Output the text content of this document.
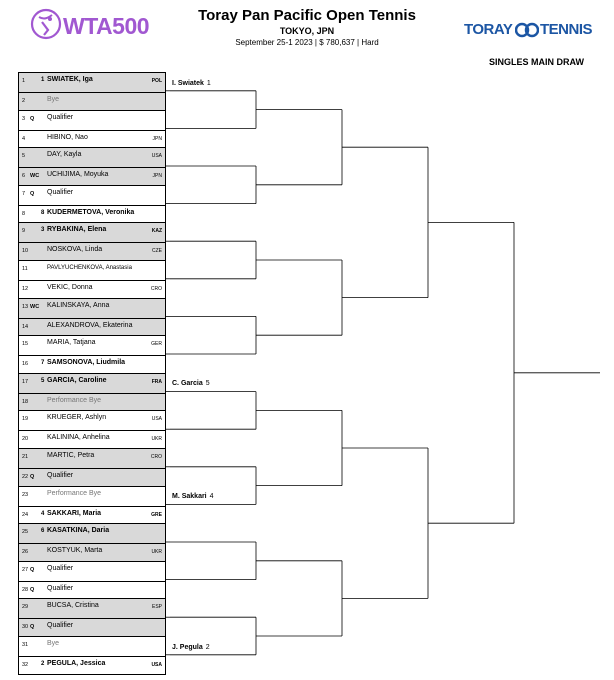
WTA500	Toray Pan Pacific Open Tennis
TOKYO, JPN
September 25-1 2023 | $ 780,637 | Hard
TORAY TENNIS
SINGLES MAIN DRAW
1	1 SWIATEK, Iga	POL
2	Bye
3 Q Qualifier
4	HIBINO, Nao	JPN
5	DAY, Kayla	USA
6 WC UCHIJIMA, Moyuka	JPN
7 Q Qualifier
8	8 KUDERMETOVA, Veronika
9	3 RYBAKINA, Elena	KAZ
10	NOSKOVA, Linda	CZE
11	PAVLYUCHENKOVA, Anastasia
12	VEKIC, Donna	CRO
13 WC KALINSKAYA, Anna
14	ALEXANDROVA, Ekaterina
15	MARIA, Tatjana	GER
16 7 SAMSONOVA, Liudmila
17 5 GARCIA, Caroline	FRA
18	Performance Bye
19	KRUEGER, Ashlyn	USA
20	KALININA, Anhelina	UKR
21	MARTIC, Petra	CRO
22 Q Qualifier
23	Performance Bye
24 4 SAKKARI, Maria	GRE
25 6 KASATKINA, Daria
26	KOSTYUK, Marta	UKR
27 Q Qualifier
28 Q Qualifier
29	BUCSA, Cristina	ESP
30 Q Qualifier
31	Bye
32 2 PEGULA, Jessica	USA
I. Swiatek 1
C. Garcia 5
M. Sakkari 4
J. Pegula 2
